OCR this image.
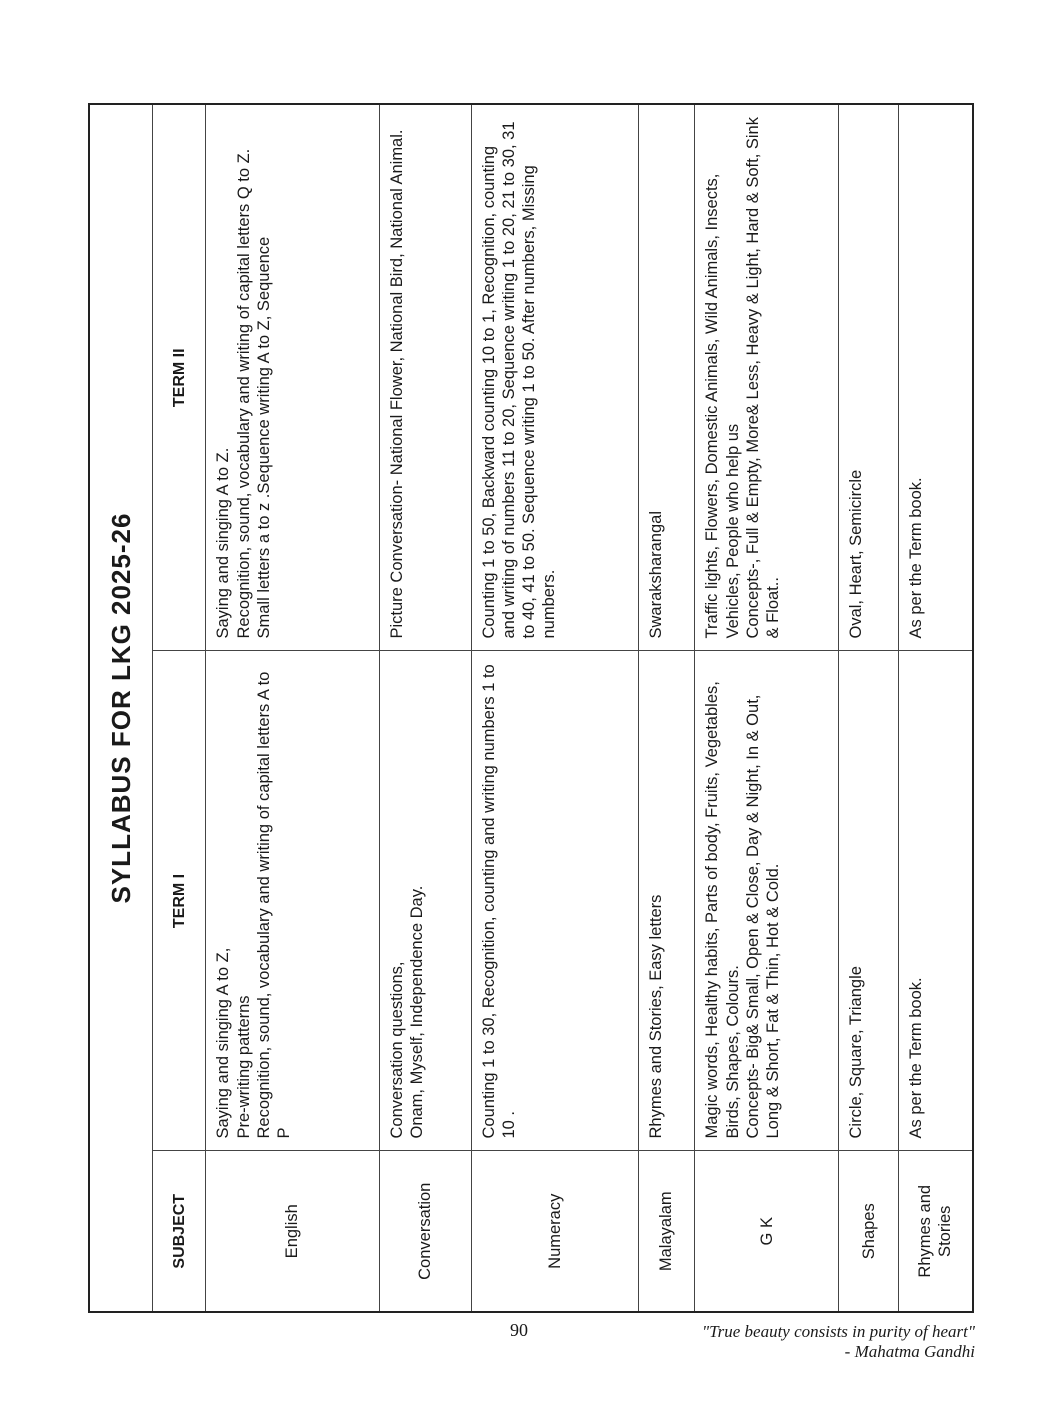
SYLLABUS FOR LKG 2025-26
SUBJECT	TERM I	TERM II
English	Saying and singing A to Z, Pre-writing patterns Recognition, sound, vocabulary and writing of capital letters A to P	Saying and singing A to Z. Recognition, sound, vocabulary and writing of capital letters Q to Z. Small letters a to z .Sequence writing A to Z, Sequence

Conversation	Conversation questions, Onam, Myself, Independence Day.	Picture Conversation- National Flower, National Bird, National Animal.

Numeracy	Counting 1 to 30, Recognition, counting and writing numbers 1 to 10 .	Counting 1 to 50, Backward counting 10 to 1, Recognition, counting and writing of numbers 11 to 20, Sequence writing 1 to 20, 21 to 30, 31 to 40, 41 to 50. Sequence writing 1 to 50. After numbers, Missing numbers.

Malayalam	Rhymes and Stories, Easy letters	Swaraksharangal

G K	Magic words, Healthy habits, Parts of body, Fruits, Vegetables, Birds, Shapes, Colours. Concepts- Big& Small, Open & Close, Day & Night, In & Out, Long & Short, Fat & Thin, Hot & Cold.	Traffic lights, Flowers, Domestic Animals, Wild Animals, Insects, Vehicles, People who help us Concepts-, Full & Empty, More& Less, Heavy & Light, Hard & Soft, Sink & Float..

Shapes	Circle, Square, Triangle	Oval, Heart, Semicircle

Rhymes and Stories	As per the Term book.	As per the Term book.
90	"True beauty consists in purity of heart"
- Mahatma Gandhi
